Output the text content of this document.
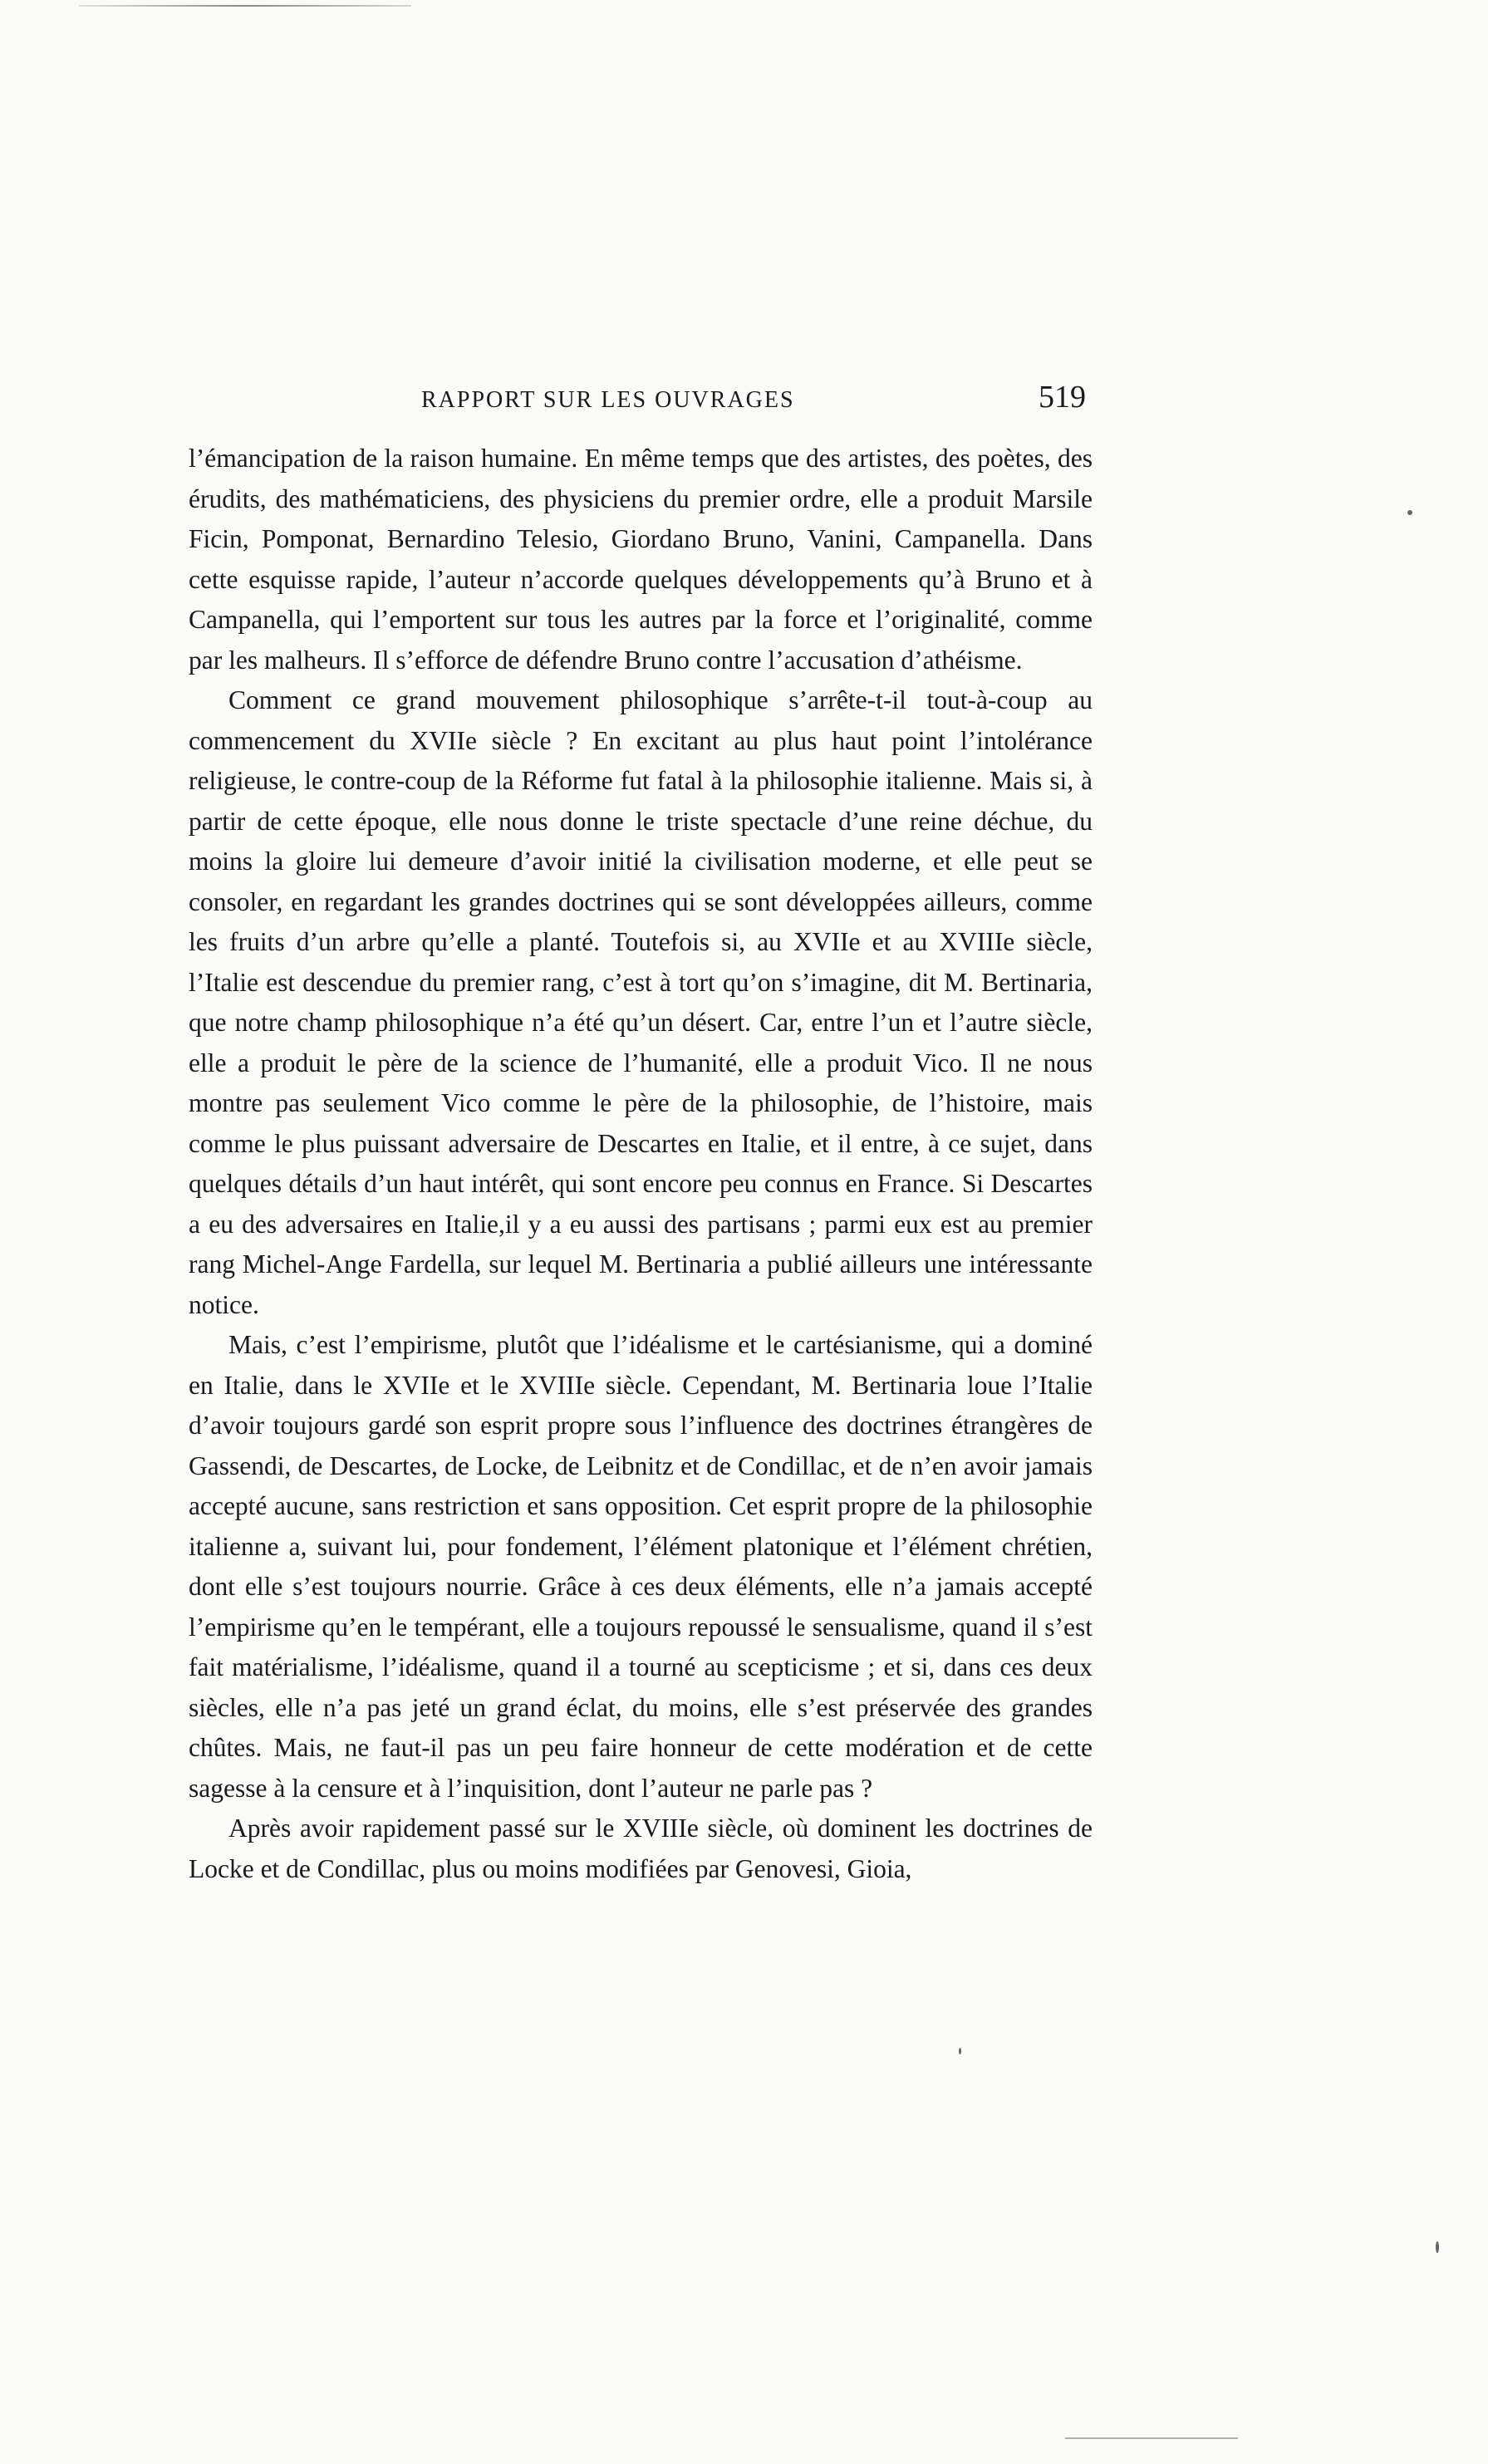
RAPPORT SUR LES OUVRAGES	519

l’émancipation de la raison humaine. En même temps que des artistes, des poètes, des érudits, des mathématiciens, des physiciens du premier ordre, elle a produit Marsile Ficin, Pomponat, Bernardino Telesio, Giordano Bruno, Vanini, Campanella. Dans cette esquisse rapide, l’auteur n’accorde quelques développements qu’à Bruno et à Campanella, qui l’emportent sur tous les autres par la force et l’originalité, comme par les malheurs. Il s’efforce de défendre Bruno contre l’accusation d’athéisme.

Comment ce grand mouvement philosophique s’arrête-t-il tout-à-coup au commencement du XVIIe siècle ? En excitant au plus haut point l’intolérance religieuse, le contre-coup de la Réforme fut fatal à la philosophie italienne. Mais si, à partir de cette époque, elle nous donne le triste spectacle d’une reine déchue, du moins la gloire lui demeure d’avoir initié la civilisation moderne, et elle peut se consoler, en regardant les grandes doctrines qui se sont développées ailleurs, comme les fruits d’un arbre qu’elle a planté. Toutefois si, au XVIIe et au XVIIIe siècle, l’Italie est descendue du premier rang, c’est à tort qu’on s’imagine, dit M. Bertinaria, que notre champ philosophique n’a été qu’un désert. Car, entre l’un et l’autre siècle, elle a produit le père de la science de l’humanité, elle a produit Vico. Il ne nous montre pas seulement Vico comme le père de la philosophie, de l’histoire, mais comme le plus puissant adversaire de Descartes en Italie, et il entre, à ce sujet, dans quelques détails d’un haut intérêt, qui sont encore peu connus en France. Si Descartes a eu des adversaires en Italie,il y a eu aussi des partisans ; parmi eux est au premier rang Michel-Ange Fardella, sur lequel M. Bertinaria a publié ailleurs une intéressante notice.

Mais, c’est l’empirisme, plutôt que l’idéalisme et le cartésianisme, qui a dominé en Italie, dans le XVIIe et le XVIIIe siècle. Cependant, M. Bertinaria loue l’Italie d’avoir toujours gardé son esprit propre sous l’influence des doctrines étrangères de Gassendi, de Descartes, de Locke, de Leibnitz et de Condillac, et de n’en avoir jamais accepté aucune, sans restriction et sans opposition. Cet esprit propre de la philosophie italienne a, suivant lui, pour fondement, l’élément platonique et l’élément chrétien, dont elle s’est toujours nourrie. Grâce à ces deux éléments, elle n’a jamais accepté l’empirisme qu’en le tempérant, elle a toujours repoussé le sensualisme, quand il s’est fait matérialisme, l’idéalisme, quand il a tourné au scepticisme ; et si, dans ces deux siècles, elle n’a pas jeté un grand éclat, du moins, elle s’est préservée des grandes chûtes. Mais, ne faut-il pas un peu faire honneur de cette modération et de cette sagesse à la censure et à l’inquisition, dont l’auteur ne parle pas ?

Après avoir rapidement passé sur le XVIIIe siècle, où dominent les doctrines de Locke et de Condillac, plus ou moins modifiées par Genovesi, Gioia,
